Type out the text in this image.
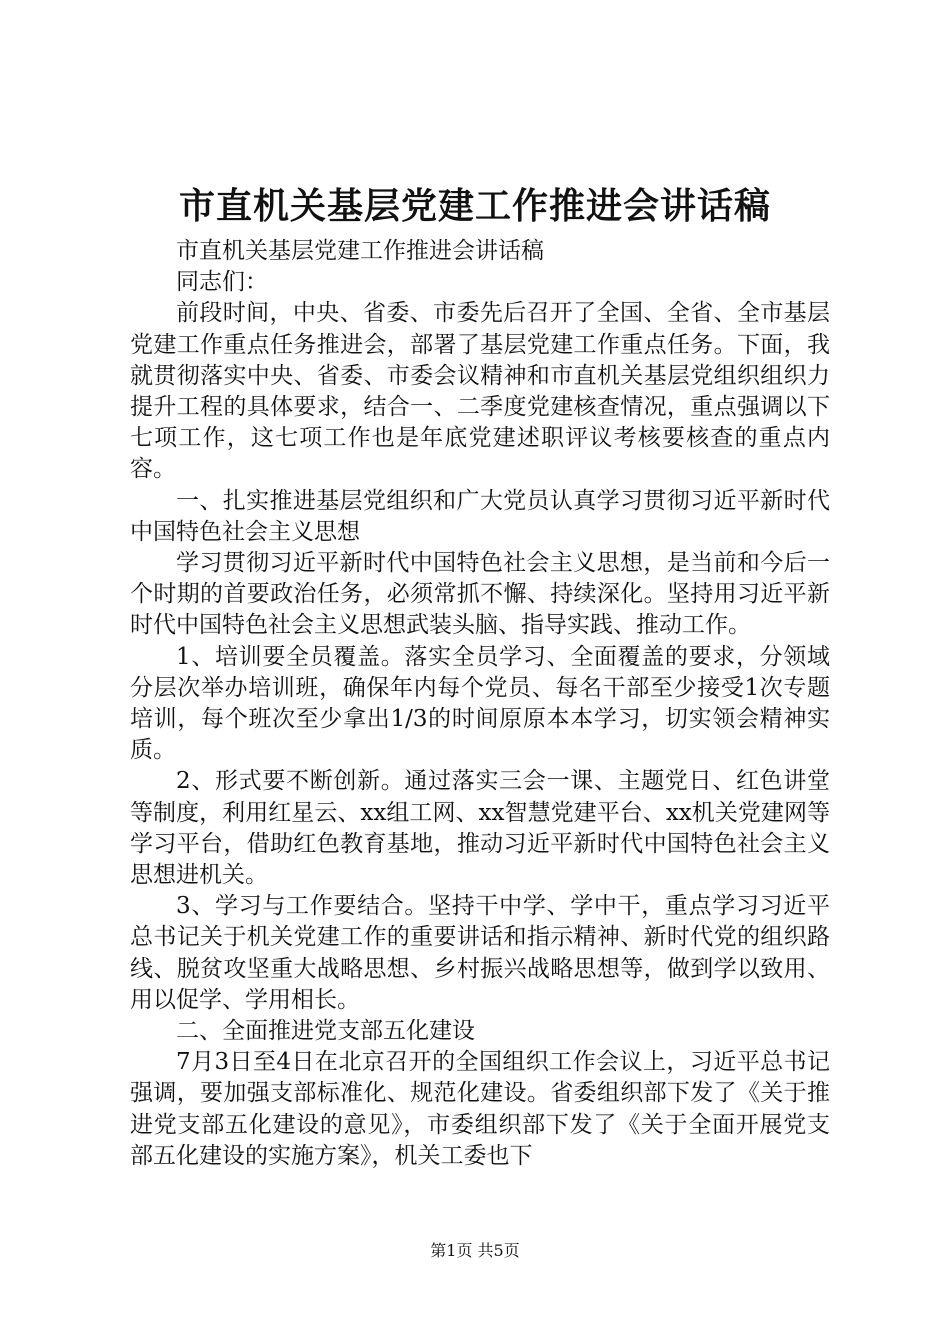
市直机关基层党建工作推进会讲话稿

市直机关基层党建工作推进会讲话稿

同志们：

前段时间，中央、省委、市委先后召开了全国、全省、全市基层党建工作重点任务推进会，部署了基层党建工作重点任务。下面，我就贯彻落实中央、省委、市委会议精神和市直机关基层党组织组织力提升工程的具体要求，结合一、二季度党建核查情况，重点强调以下七项工作，这七项工作也是年底党建述职评议考核要核查的重点内容。

一、扎实推进基层党组织和广大党员认真学习贯彻习近平新时代中国特色社会主义思想

学习贯彻习近平新时代中国特色社会主义思想，是当前和今后一个时期的首要政治任务，必须常抓不懈、持续深化。坚持用习近平新时代中国特色社会主义思想武装头脑、指导实践、推动工作。

1、培训要全员覆盖。落实全员学习、全面覆盖的要求，分领域分层次举办培训班，确保年内每个党员、每名干部至少接受1次专题培训，每个班次至少拿出1/3的时间原原本本学习，切实领会精神实质。

2、形式要不断创新。通过落实三会一课、主题党日、红色讲堂等制度，利用红星云、xx组工网、xx智慧党建平台、xx机关党建网等学习平台，借助红色教育基地，推动习近平新时代中国特色社会主义思想进机关。

3、学习与工作要结合。坚持干中学、学中干，重点学习习近平总书记关于机关党建工作的重要讲话和指示精神、新时代党的组织路线、脱贫攻坚重大战略思想、乡村振兴战略思想等，做到学以致用、用以促学、学用相长。

二、全面推进党支部五化建设

7月3日至4日在北京召开的全国组织工作会议上，习近平总书记强调，要加强支部标准化、规范化建设。省委组织部下发了《关于推进党支部五化建设的意见》，市委组织部下发了《关于全面开展党支部五化建设的实施方案》，机关工委也下

第1页 共5页
